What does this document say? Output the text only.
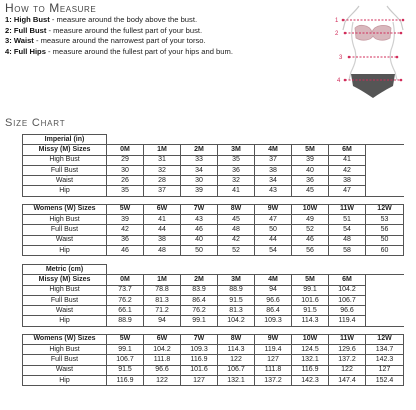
How to Measure
1: High Bust - measure around the body above the bust.
2: Full Bust - measure around the fullest part of your bust.
3: Waist - measure around the narrowest part of your torso.
4: Full Hips - measure around the fullest part of your hips and bum.
1
2
3
4
Size Chart
Imperial (in)								
Missy (M) Sizes	0M	1M	2M	3M	4M	5M	6M	
High Bust	29	31	33	35	37	39	41	
Full Bust	30	32	34	36	38	40	42	
Waist	26	28	30	32	34	36	38	
Hip	35	37	39	41	43	45	47	

Womens (W) Sizes	5W	6W	7W	8W	9W	10W	11W	12W
High Bust	39	41	43	45	47	49	51	53
Full Bust	42	44	46	48	50	52	54	56
Waist	36	38	40	42	44	46	48	50
Hip	46	48	50	52	54	56	58	60
Metric (cm)								
Missy (M) Sizes	0M	1M	2M	3M	4M	5M	6M	
High Bust	73.7	78.8	83.9	88.9	94	99.1	104.2	
Full Bust	76.2	81.3	86.4	91.5	96.6	101.6	106.7	
Waist	66.1	71.2	76.2	81.3	86.4	91.5	96.6	
Hip	88.9	94	99.1	104.2	109.3	114.3	119.4	

Womens (W) Sizes	5W	6W	7W	8W	9W	10W	11W	12W
High Bust	99.1	104.2	109.3	114.3	119.4	124.5	129.6	134.7
Full Bust	106.7	111.8	116.9	122	127	132.1	137.2	142.3
Waist	91.5	96.6	101.6	106.7	111.8	116.9	122	127
Hip	116.9	122	127	132.1	137.2	142.3	147.4	152.4
